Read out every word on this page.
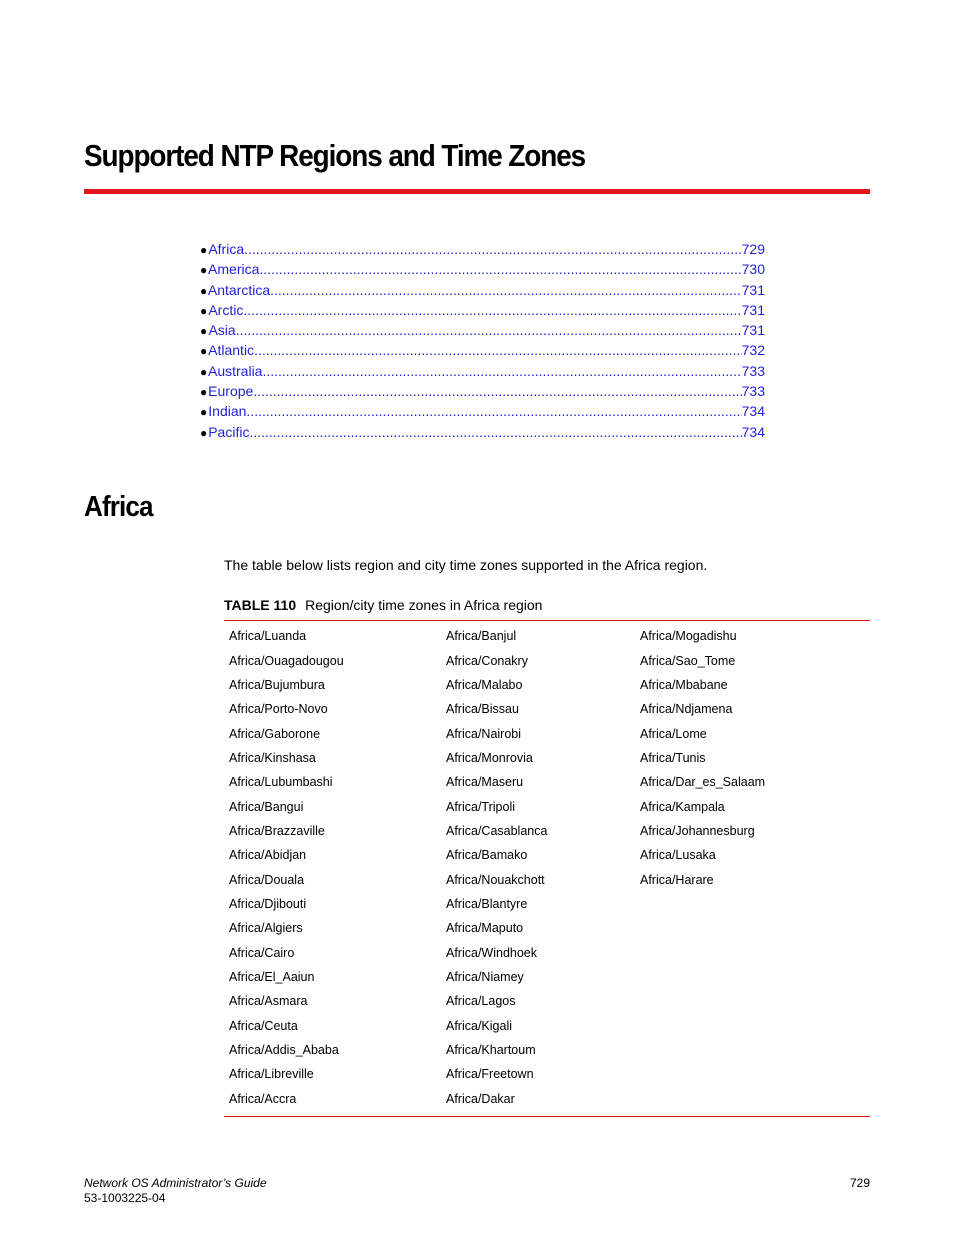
Supported NTP Regions and Time Zones
● Africa .....	729
● America .....	730
● Antarctica .....	731
● Arctic .....	731
● Asia .....	731
● Atlantic .....	732
● Australia .....	733
● Europe .....	733
● Indian .....	734
● Pacific .....	734
Africa

The table below lists region and city time zones supported in the Africa region.

TABLE 110 Region/city time zones in Africa region

Africa/Luanda	Africa/Banjul	Africa/Mogadishu
Africa/Ouagadougou	Africa/Conakry	Africa/Sao_Tome
Africa/Bujumbura	Africa/Malabo	Africa/Mbabane
Africa/Porto-Novo	Africa/Bissau	Africa/Ndjamena
Africa/Gaborone	Africa/Nairobi	Africa/Lome
Africa/Kinshasa	Africa/Monrovia	Africa/Tunis
Africa/Lubumbashi	Africa/Maseru	Africa/Dar_es_Salaam
Africa/Bangui	Africa/Tripoli	Africa/Kampala
Africa/Brazzaville	Africa/Casablanca	Africa/Johannesburg
Africa/Abidjan	Africa/Bamako	Africa/Lusaka
Africa/Douala	Africa/Nouakchott	Africa/Harare
Africa/Djibouti	Africa/Blantyre	
Africa/Algiers	Africa/Maputo	
Africa/Cairo	Africa/Windhoek	
Africa/El_Aaiun	Africa/Niamey	
Africa/Asmara	Africa/Lagos	
Africa/Ceuta	Africa/Kigali	
Africa/Addis_Ababa	Africa/Khartoum	
Africa/Libreville	Africa/Freetown	
Africa/Accra	Africa/Dakar	
Network OS Administrator’s Guide
53-1003225-04
729
